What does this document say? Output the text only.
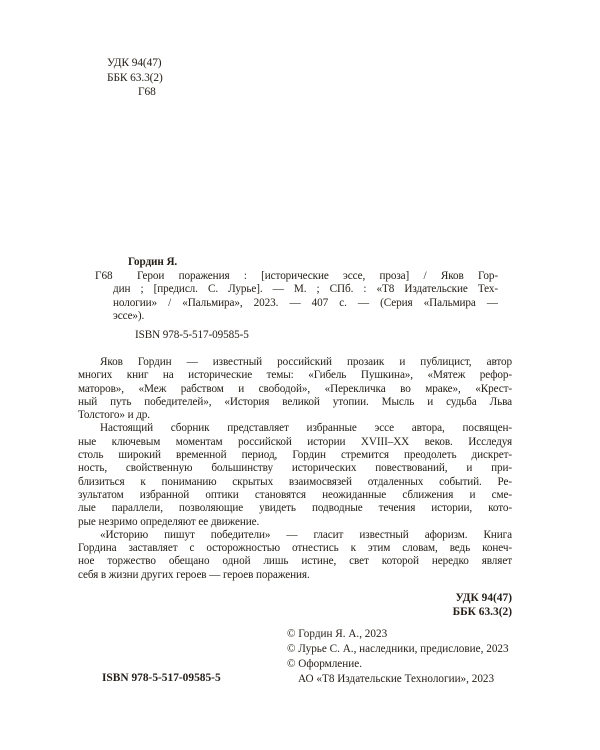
УДК 94(47)
ББК 63.3(2)
Г68
Гордин Я.
Г68 Герои поражения : [исторические эссе, проза] / Яков Гор-
дин ; [предисл. С. Лурье]. — М. ; СПб. : «Т8 Издательские Тех-
нологии» / «Пальмира», 2023. — 407 с. — (Серия «Пальмира —
эссе»).
ISBN 978-5-517-09585-5
Яков Гордин — известный российский прозаик и публицист, автор
многих книг на исторические темы: «Гибель Пушкина», «Мятеж рефор-
маторов», «Меж рабством и свободой», «Перекличка во мраке», «Крест-
ный путь победителей», «История великой утопии. Мысль и судьба Льва
Толстого» и др.
Настоящий сборник представляет избранные эссе автора, посвящен-
ные ключевым моментам российской истории XVIII–XX веков. Исследуя
столь широкий временной период, Гордин стремится преодолеть дискрет-
ность, свойственную большинству исторических повествований, и при-
близиться к пониманию скрытых взаимосвязей отдаленных событий. Ре-
зультатом избранной оптики становятся неожиданные сближения и сме-
лые параллели, позволяющие увидеть подводные течения истории, кото-
рые незримо определяют ее движение.
«Историю пишут победители» — гласит известный афоризм. Книга
Гордина заставляет с осторожностью отнестись к этим словам, ведь конеч-
ное торжество обещано одной лишь истине, свет которой нередко являет
себя в жизни других героев — героев поражения.
УДК 94(47)
ББК 63.3(2)
ISBN 978-5-517-09585-5
© Гордин Я. А., 2023
© Лурье С. А., наследники, предисловие, 2023
© Оформление.
АО «Т8 Издательские Технологии», 2023
